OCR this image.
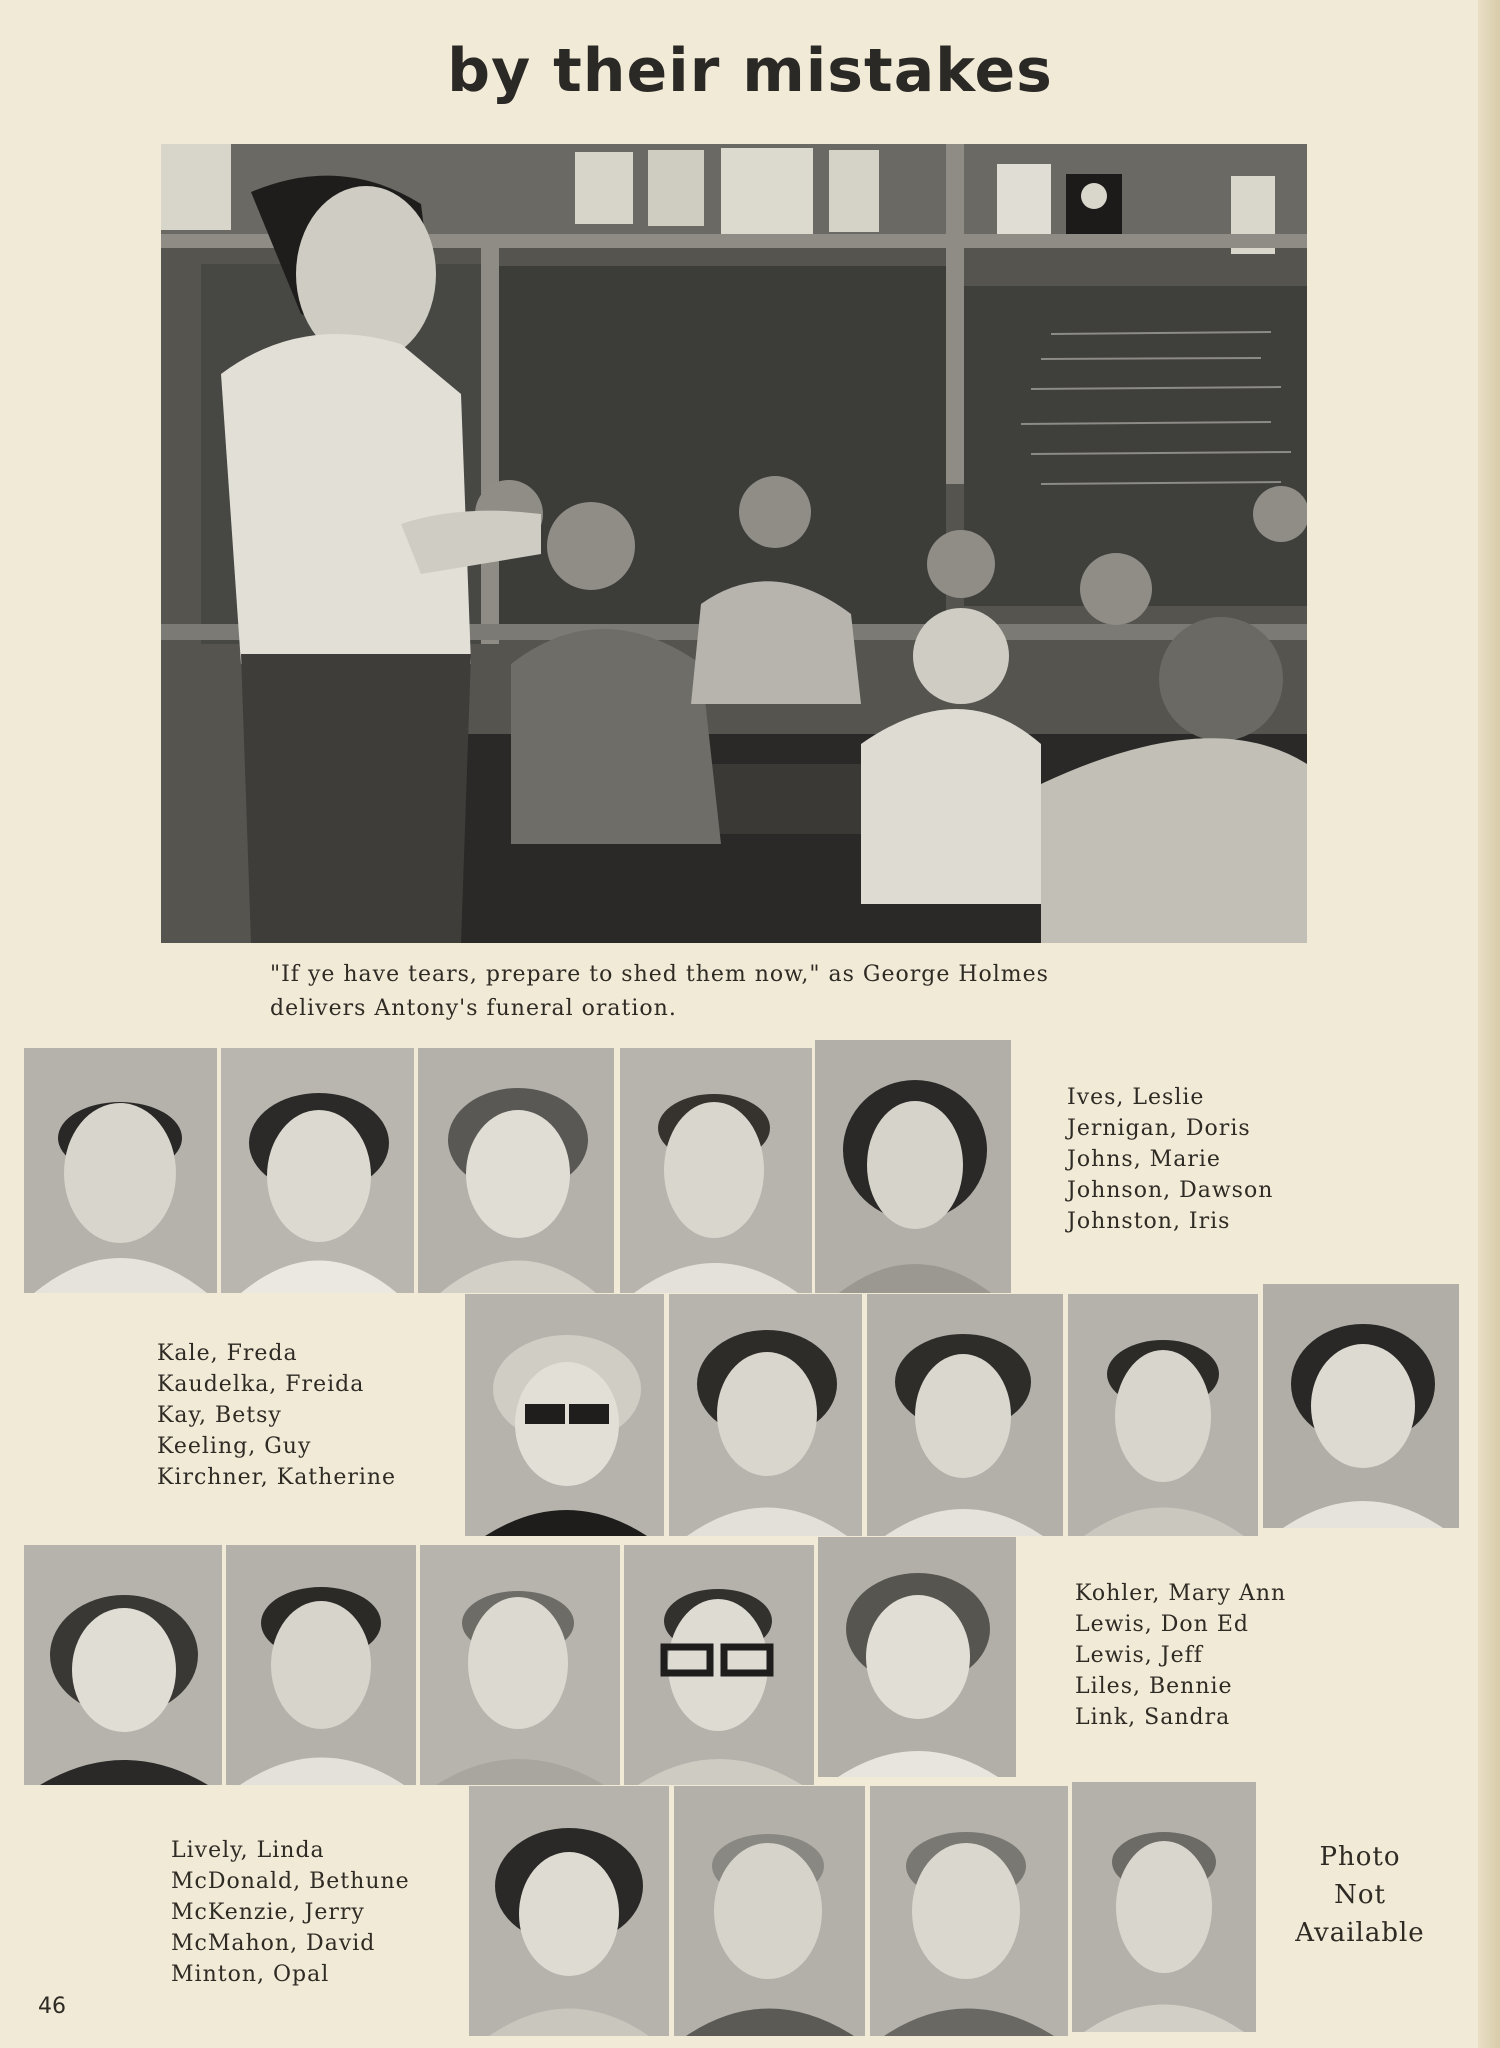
by their mistakes
"If ye have tears, prepare to shed them now," as George Holmes
delivers Antony's funeral oration.
Ives, Leslie
Jernigan, Doris
Johns, Marie
Johnson, Dawson
Johnston, Iris
Kale, Freda
Kaudelka, Freida
Kay, Betsy
Keeling, Guy
Kirchner, Katherine
Kohler, Mary Ann
Lewis, Don Ed
Lewis, Jeff
Liles, Bennie
Link, Sandra
Lively, Linda
McDonald, Bethune
McKenzie, Jerry
McMahon, David
Minton, Opal
Photo
Not
Available
46
